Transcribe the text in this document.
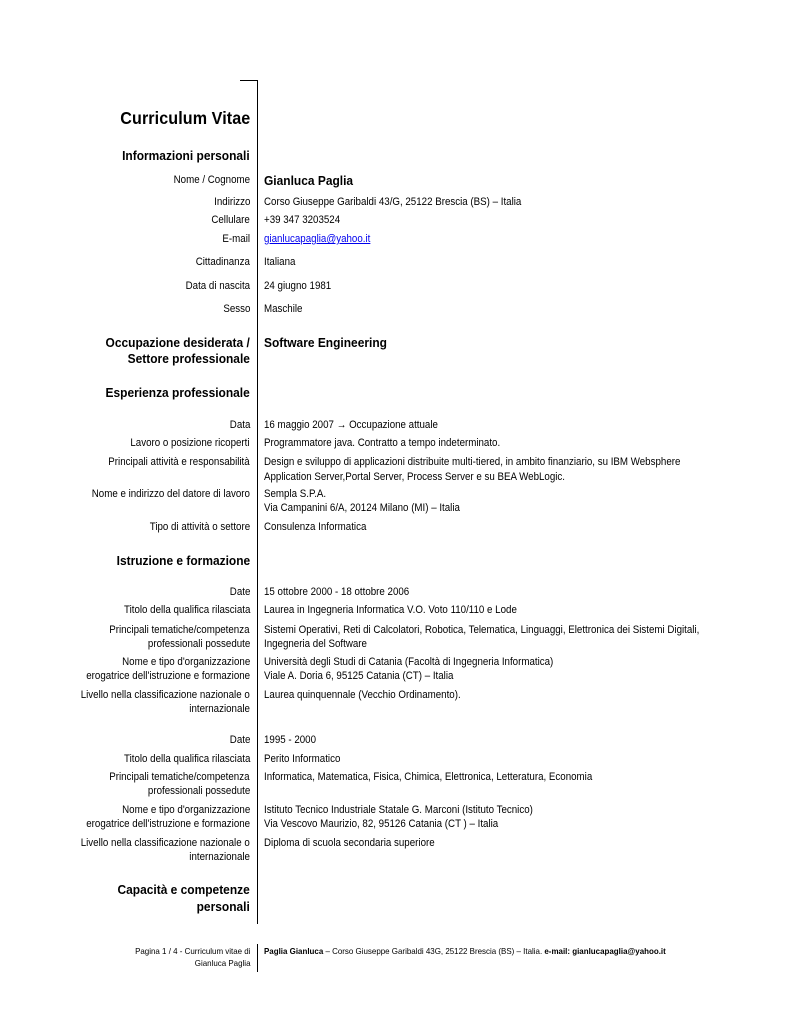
Curriculum Vitae
Informazioni personali
Nome / Cognome Gianluca Paglia
Indirizzo Corso Giuseppe Garibaldi 43/G, 25122 Brescia (BS) – Italia
Cellulare +39 347 3203524
E-mail gianlucapaglia@yahoo.it
Cittadinanza Italiana
Data di nascita 24 giugno 1981
Sesso Maschile
Occupazione desiderata /
Settore professionale
Software Engineering
Esperienza professionale
Data 16 maggio 2007 → Occupazione attuale
Lavoro o posizione ricoperti Programmatore java. Contratto a tempo indeterminato.
Principali attività e responsabilità Design e sviluppo di applicazioni distribuite multi-tiered, in ambito finanziario, su IBM Websphere
Application Server,Portal Server, Process Server e su BEA WebLogic.
Nome e indirizzo del datore di lavoro Sempla S.P.A.
Via Campanini 6/A, 20124 Milano (MI) – Italia
Tipo di attività o settore Consulenza Informatica
Istruzione e formazione
Date 15 ottobre 2000 - 18 ottobre 2006
Titolo della qualifica rilasciata Laurea in Ingegneria Informatica V.O. Voto 110/110 e Lode
Principali tematiche/competenza
professionali possedute
Sistemi Operativi, Reti di Calcolatori, Robotica, Telematica, Linguaggi, Elettronica dei Sistemi Digitali,
Ingegneria del Software
Nome e tipo d'organizzazione
erogatrice dell'istruzione e formazione
Università degli Studi di Catania (Facoltà di Ingegneria Informatica)
Viale A. Doria 6, 95125 Catania (CT) – Italia
Livello nella classificazione nazionale o
internazionale
Laurea quinquennale (Vecchio Ordinamento).
Date 1995 - 2000
Titolo della qualifica rilasciata Perito Informatico
Principali tematiche/competenza
professionali possedute
Informatica, Matematica, Fisica, Chimica, Elettronica, Letteratura, Economia
Nome e tipo d'organizzazione
erogatrice dell'istruzione e formazione
Istituto Tecnico Industriale Statale G. Marconi (Istituto Tecnico)
Via Vescovo Maurizio, 82, 95126 Catania (CT ) – Italia
Livello nella classificazione nazionale o
internazionale
Diploma di scuola secondaria superiore
Capacità e competenze
personali
Pagina 1 / 4 - Curriculum vitae di
Gianluca Paglia
Paglia Gianluca – Corso Giuseppe Garibaldi 43G, 25122 Brescia (BS) – Italia. e-mail: gianlucapaglia@yahoo.it
